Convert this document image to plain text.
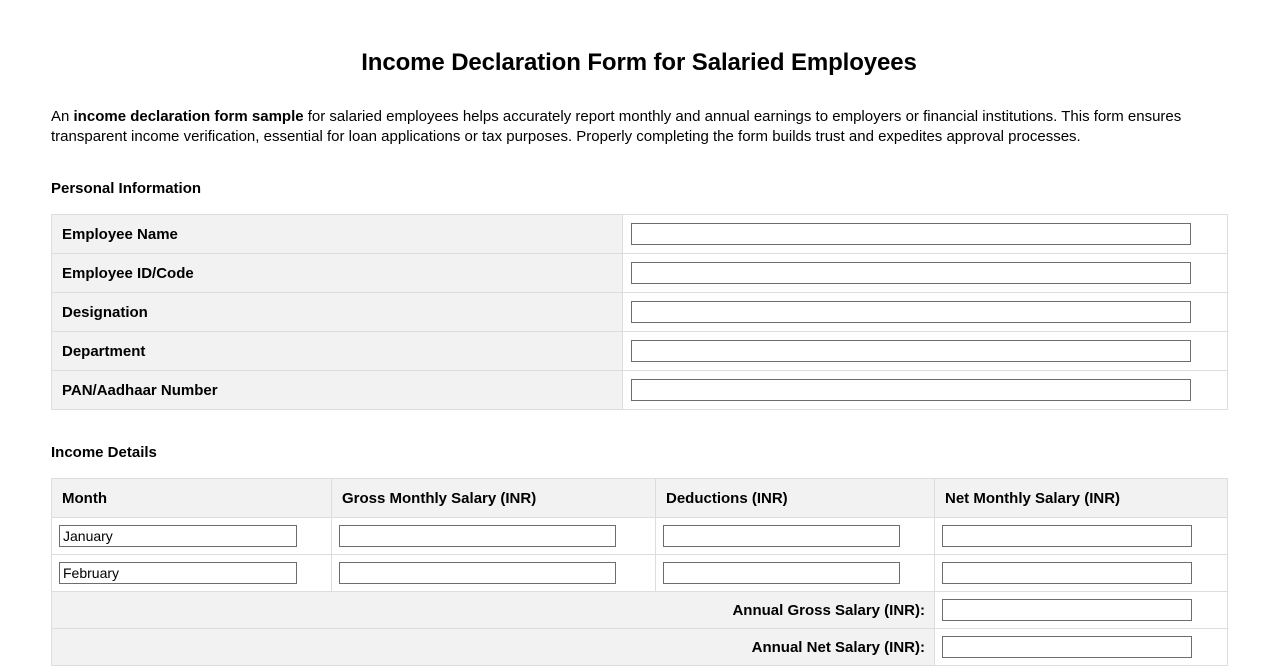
Income Declaration Form for Salaried Employees

An income declaration form sample for salaried employees helps accurately report monthly and annual earnings to employers or financial institutions. This form ensures transparent income verification, essential for loan applications or tax purposes. Properly completing the form builds trust and expedites approval processes.

Personal Information
Employee Name	
Employee ID/Code	
Designation	
Department	
PAN/Aadhaar Number	
Income Details
Month	Gross Monthly Salary (INR)	Deductions (INR)	Net Monthly Salary (INR)
January			
February			
Annual Gross Salary (INR):	
Annual Net Salary (INR):	
